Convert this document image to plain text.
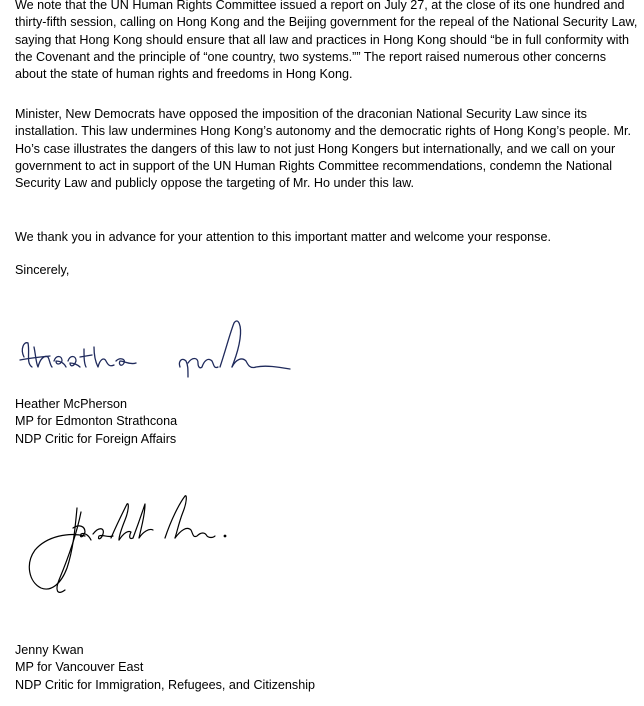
We note that the UN Human Rights Committee issued a report on July 27, at the close of its one hundred and thirty-fifth session, calling on Hong Kong and the Beijing government for the repeal of the National Security Law, saying that Hong Kong should ensure that all law and practices in Hong Kong should “be in full conformity with the Covenant and the principle of “one country, two systems.”” The report raised numerous other concerns about the state of human rights and freedoms in Hong Kong.

Minister, New Democrats have opposed the imposition of the draconian National Security Law since its installation. This law undermines Hong Kong’s autonomy and the democratic rights of Hong Kong’s people. Mr. Ho’s case illustrates the dangers of this law to not just Hong Kongers but internationally, and we call on your government to act in support of the UN Human Rights Committee recommendations, condemn the National Security Law and publicly oppose the targeting of Mr. Ho under this law.

We thank you in advance for your attention to this important matter and welcome your response.

Sincerely,

Heather McPherson
MP for Edmonton Strathcona
NDP Critic for Foreign Affairs
Jenny Kwan
MP for Vancouver East
NDP Critic for Immigration, Refugees, and Citizenship
